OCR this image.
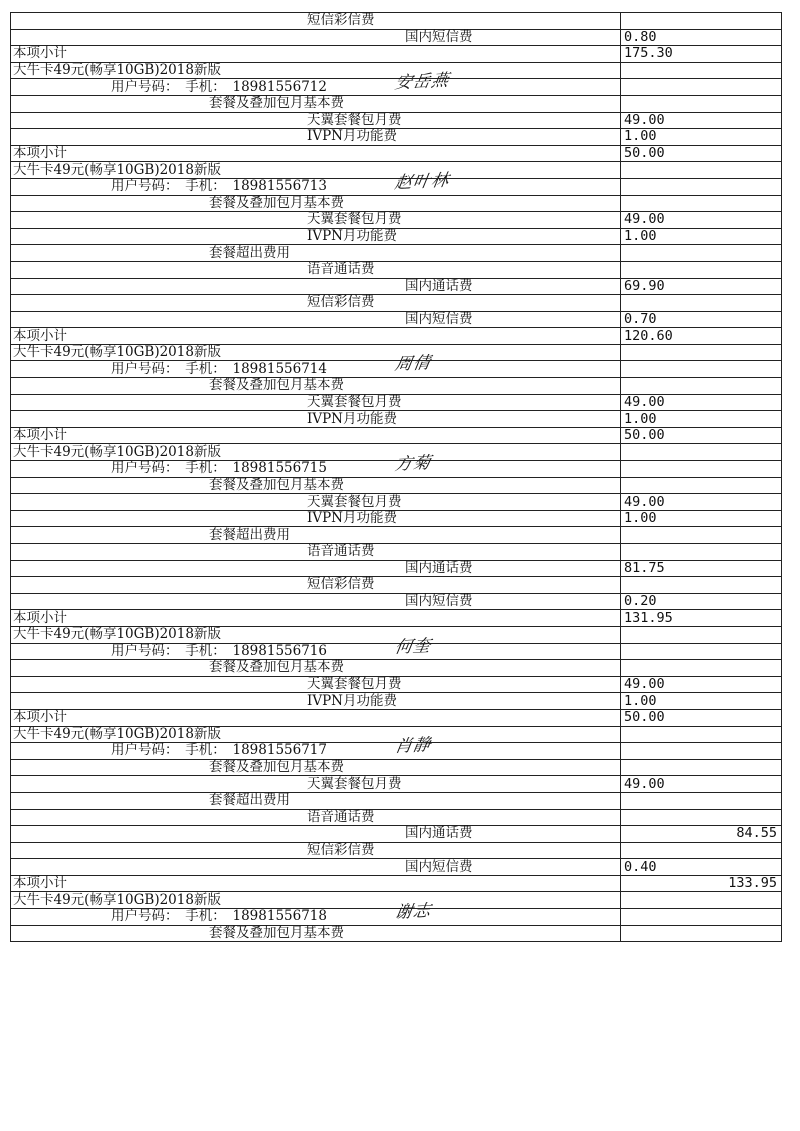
短信彩信费	
国内短信费	0.80
本项小计	175.30
大牛卡49元(畅享10GB)2018新版	
用户号码：　手机：　18981556712 安岳燕	

套餐及叠加包月基本费	
天翼套餐包月费	49.00
IVPN月功能费	1.00
本项小计	50.00
大牛卡49元(畅享10GB)2018新版	
用户号码：　手机：　18981556713 赵叶林	

套餐及叠加包月基本费	
天翼套餐包月费	49.00
IVPN月功能费	1.00
套餐超出费用	
语音通话费	
国内通话费	69.90
短信彩信费	
国内短信费	0.70
本项小计	120.60
大牛卡49元(畅享10GB)2018新版	
用户号码：　手机：　18981556714 周倩	

套餐及叠加包月基本费	
天翼套餐包月费	49.00
IVPN月功能费	1.00
本项小计	50.00
大牛卡49元(畅享10GB)2018新版	
用户号码：　手机：　18981556715 方菊	

套餐及叠加包月基本费	
天翼套餐包月费	49.00
IVPN月功能费	1.00
套餐超出费用	
语音通话费	
国内通话费	81.75
短信彩信费	
国内短信费	0.20
本项小计	131.95
大牛卡49元(畅享10GB)2018新版	
用户号码：　手机：　18981556716 何奎	

套餐及叠加包月基本费	
天翼套餐包月费	49.00
IVPN月功能费	1.00
本项小计	50.00
大牛卡49元(畅享10GB)2018新版	
用户号码：　手机：　18981556717 肖静	

套餐及叠加包月基本费	
天翼套餐包月费	49.00
套餐超出费用	
语音通话费	
国内通话费	84.55
短信彩信费	
国内短信费	0.40
本项小计	133.95
大牛卡49元(畅享10GB)2018新版	
用户号码：　手机：　18981556718 谢志	

套餐及叠加包月基本费	
